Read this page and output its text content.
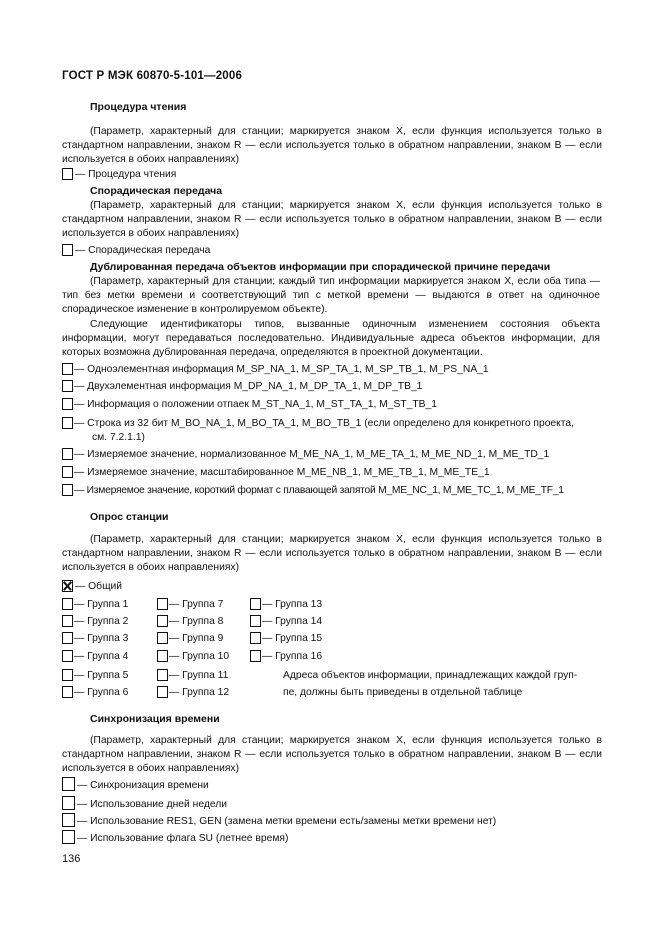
ГОСТ Р МЭК 60870-5-101—2006
Процедура чтения
(Параметр, характерный для станции; маркируется знаком X, если функция используется только в стандартном направлении, знаком R — если используется только в обратном направлении, знаком B — если используется в обоих направлениях)
— Процедура чтения
Спорадическая передача
(Параметр, характерный для станции; маркируется знаком X, если функция используется только в стандартном направлении, знаком R — если используется только в обратном направлении, знаком B — если используется в обоих направлениях)
— Спорадическая передача
Дублированная передача объектов информации при спорадической причине передачи
(Параметр, характерный для станции; каждый тип информации маркируется знаком X, если оба типа — тип без метки времени и соответствующий тип с меткой времени — выдаются в ответ на одиночное спорадическое изменение в контролируемом объекте).
Следующие идентификаторы типов, вызванные одиночным изменением состояния объекта информации, могут передаваться последовательно. Индивидуальные адреса объектов информации, для которых возможна дублированная передача, определяются в проектной документации.
— Одноэлементная информация M_SP_NA_1, M_SP_TA_1, M_SP_TB_1, M_PS_NA_1
— Двухэлементная информация M_DP_NA_1, M_DP_TA_1, M_DP_TB_1
— Информация о положении отпаек M_ST_NA_1, M_ST_TA_1, M_ST_TB_1
— Строка из 32 бит M_BO_NA_1, M_BO_TA_1, M_BO_TB_1 (если определено для конкретного проекта,
см. 7.2.1.1)
— Измеряемое значение, нормализованное M_ME_NA_1, M_ME_TA_1, M_ME_ND_1, M_ME_TD_1
— Измеряемое значение, масштабированное M_ME_NB_1, M_ME_TB_1, M_ME_TE_1
— Измеряемое значение, короткий формат с плавающей запятой M_ME_NC_1, M_ME_TC_1, M_ME_TF_1
Опрос станции
(Параметр, характерный для станции; маркируется знаком X, если функция используется только в стандартном направлении, знаком R — если используется только в обратном направлении, знаком B — если используется в обоих направлениях)
— Общий
— Группа 1
— Группа 2
— Группа 3
— Группа 4
— Группа 5
— Группа 6
— Группа 7
— Группа 8
— Группа 9
— Группа 10
— Группа 11
— Группа 12
— Группа 13
— Группа 14
— Группа 15
— Группа 16
Адреса объектов информации, принадлежащих каждой груп-
пе, должны быть приведены в отдельной таблице
Синхронизация времени
(Параметр, характерный для станции; маркируется знаком X, если функция используется только в стандартном направлении, знаком R — если используется только в обратном направлении, знаком B — если используется в обоих направлениях)
— Синхронизация времени
— Использование дней недели
— Использование RES1, GEN (замена метки времени есть/замены метки времени нет)
— Использование флага SU (летнее время)
136
